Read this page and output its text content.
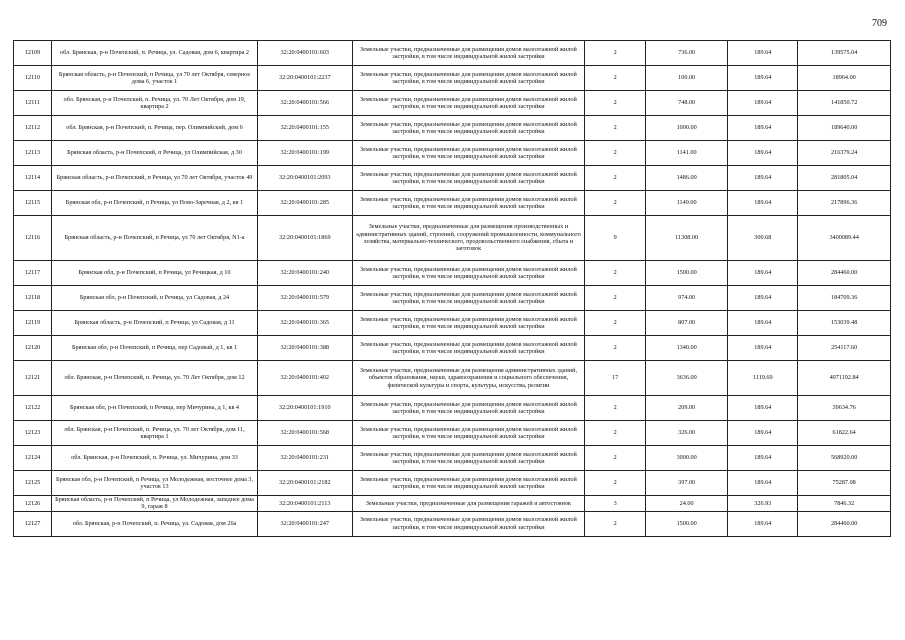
709
12109	обл. Брянская, р-н Почепский, п. Речица, ул. Садовая, дом 6, квартира 2	32:20:0400101:603	Земельные участки, предназначенные для размещения домов малоэтажной жилой застройки, в том числе индивидуальной жилой застройки	2	736.00	189.64	139575.04
12110	Брянская область, р-н Почепский, п Речица, ул 70 лет Октября, северное дома 6, участок 1	32:20:0400101:2237	Земельные участки, предназначенные для размещения домов малоэтажной жилой застройки, в том числе индивидуальной жилой застройки	2	100.00	189.64	18964.00
12111	обл. Брянская, р-н Почепский, п. Речица, ул. 70 Лет Октября, дом 19, квартира 2	32:20:0400101:566	Земельные участки, предназначенные для размещения домов малоэтажной жилой застройки, в том числе индивидуальной жилой застройки	2	748.00	189.64	141850.72
12112	обл. Брянская, р-н Почепский, п. Речица, пер. Олимпийский, дом 6	32:20:0400101:155	Земельные участки, предназначенные для размещения домов малоэтажной жилой застройки, в том числе индивидуальной жилой застройки	2	1000.00	189.64	189640.00
12113	Брянская область, р-н Почепский, п Речица, ул Олимпийская, д 30	32:20:0400101:199	Земельные участки, предназначенные для размещения домов малоэтажной жилой застройки, в том числе индивидуальной жилой застройки	2	1141.00	189.64	216379.24
12114	Брянская область, р-н Почепский, п Речица, ул 70 лет Октября, участок 49	32:20:0400101:2093	Земельные участки, предназначенные для размещения домов малоэтажной жилой застройки, в том числе индивидуальной жилой застройки	2	1486.00	189.64	281805.04
12115	Брянская обл, р-н Почепский, п Речица, ул Ново-Заречная, д 2, кв 1	32:20:0400101:285	Земельные участки, предназначенные для размещения домов малоэтажной жилой застройки, в том числе индивидуальной жилой застройки	2	1149.00	189.64	217896.36
12116	Брянская область, р-н Почепский, п Речица, ул 70 лет Октября, N1-а	32:20:0400101:1869	Земельные участки, предназначенные для размещения производственных и административных зданий, строений, сооружений промышленности, коммунального хозяйства, материально-технического, продовольственного снабжения, сбыта и заготовок	9	11308.00	300.68	3400089.44
12117	Брянская обл, р-н Почепский, п Речица, ул Речицкая, д 10	32:20:0400101:240	Земельные участки, предназначенные для размещения домов малоэтажной жилой застройки, в том числе индивидуальной жилой застройки	2	1500.00	189.64	284460.00
12118	Брянская обл, р-н Почепский, п Речица, ул Садовая, д 24	32:20:0400101:579	Земельные участки, предназначенные для размещения домов малоэтажной жилой застройки, в том числе индивидуальной жилой застройки	2	974.00	189.64	184709.36
12119	Брянская область, р-н Почепский, п Речица, ул Садовая, д 11	32:20:0400101:365	Земельные участки, предназначенные для размещения домов малоэтажной жилой застройки, в том числе индивидуальной жилой застройки	2	807.00	189.64	153039.48
12120	Брянская обл, р-н Почепский, п Речица, пер Садовый, д 1, кв 1	32:20:0400101:388	Земельные участки, предназначенные для размещения домов малоэтажной жилой застройки, в том числе индивидуальной жилой застройки	2	1340.00	189.64	254117.60
12121	обл. Брянская, р-н Почепский, п. Речица, ул. 70 Лет Октября, дом 12	32:20:0400101:402	Земельные участки, предназначенные для размещения административных зданий, объектов образования, науки, здравоохранения и социального обеспечения, физической культуры и спорта, культуры, искусства, религии	17	3636.00	1119.69	4071192.84
12122	Брянская обл, р-н Почепский, п Речица, пер Мичурина, д 1, кв 4	32:20:0400101:1910	Земельные участки, предназначенные для размещения домов малоэтажной жилой застройки, в том числе индивидуальной жилой застройки	2	209.00	189.64	39634.76
12123	обл. Брянская, р-н Почепский, п. Речица, ул. 70 лет Октября, дом 11, квартира 1	32:20:0400101:568	Земельные участки, предназначенные для размещения домов малоэтажной жилой застройки, в том числе индивидуальной жилой застройки	2	326.00	189.64	61822.64
12124	обл. Брянская, р-н Почепский, п. Речица, ул. Мичурина, дом 33	32:20:0400101:231	Земельные участки, предназначенные для размещения домов малоэтажной жилой застройки, в том числе индивидуальной жилой застройки	2	3000.00	189.64	568920.00
12125	Брянская обл, р-н Почепский, п Речица, ул Молодежная, восточнее дома 3, участок 13	32:20:0400101:2182	Земельные участки, предназначенные для размещения домов малоэтажной жилой застройки, в том числе индивидуальной жилой застройки	2	397.00	189.64	75287.08
12126	Брянская область, р-н Почепский, п Речица, ул Молодежная, западнее дома 9, гараж 8	32:20:0400101:2113	Земельные участки, предназначенные для размещения гаражей и автостоянок	3	24.00	326.93	7846.32
12127	обл. Брянская, р-н Почепский, п. Речица, ул. Садовая, дом 26а	32:20:0400101:247	Земельные участки, предназначенные для размещения домов малоэтажной жилой застройки, в том числе индивидуальной жилой застройки	2	1500.00	189.64	284460.00
